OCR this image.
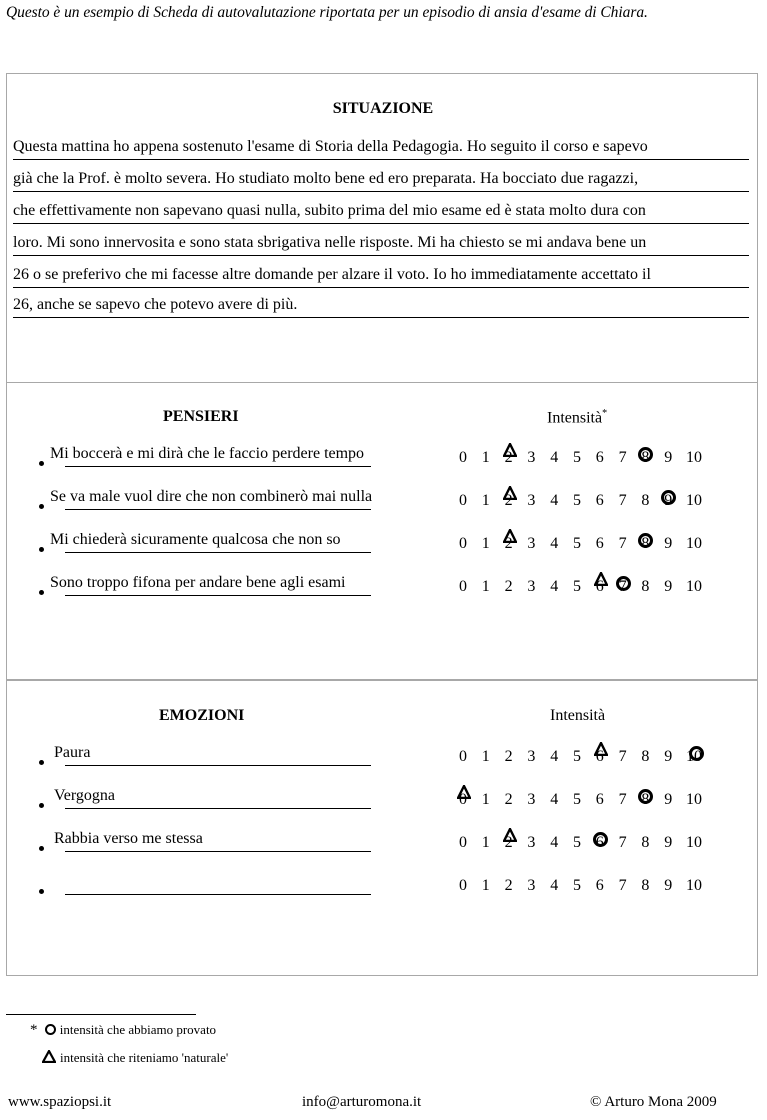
Questo è un esempio di Scheda di autovalutazione riportata per un episodio di ansia d'esame di Chiara.
SITUAZIONE
Questa mattina ho appena sostenuto l'esame di Storia della Pedagogia. Ho seguito il corso e sapevo
già che la Prof. è molto severa. Ho studiato molto bene ed ero preparata. Ha bocciato due ragazzi,
che effettivamente non sapevano quasi nulla, subito prima del mio esame ed è stata molto dura con
loro. Mi sono innervosita e sono stata sbrigativa nelle risposte. Mi ha chiesto se mi andava bene un
26 o se preferivo che mi facesse altre domande per alzare il voto. Io ho immediatamente accettato il
26, anche se sapevo che potevo avere di più.
PENSIERI	Intensità*
Mi boccerà e mi dirà che le faccio perdere tempo	0 1 2 3 4 5 6 7 8 9 10
Se va male vuol dire che non combinerò mai nulla	0 1 2 3 4 5 6 7 8 9 10
Mi chiederà sicuramente qualcosa che non so	0 1 2 3 4 5 6 7 8 9 10
Sono troppo fifona per andare bene agli esami	0 1 2 3 4 5 6 7 8 9 10
EMOZIONI	Intensità
Paura	0 1 2 3 4 5 6 7 8 9 10
Vergogna	0 1 2 3 4 5 6 7 8 9 10
Rabbia verso me stessa	0 1 2 3 4 5 6 7 8 9 10
0 1 2 3 4 5 6 7 8 9 10
* intensità che abbiamo provato
intensità che riteniamo 'naturale'
www.spaziopsi.it	info@arturomona.it	© Arturo Mona 2009
